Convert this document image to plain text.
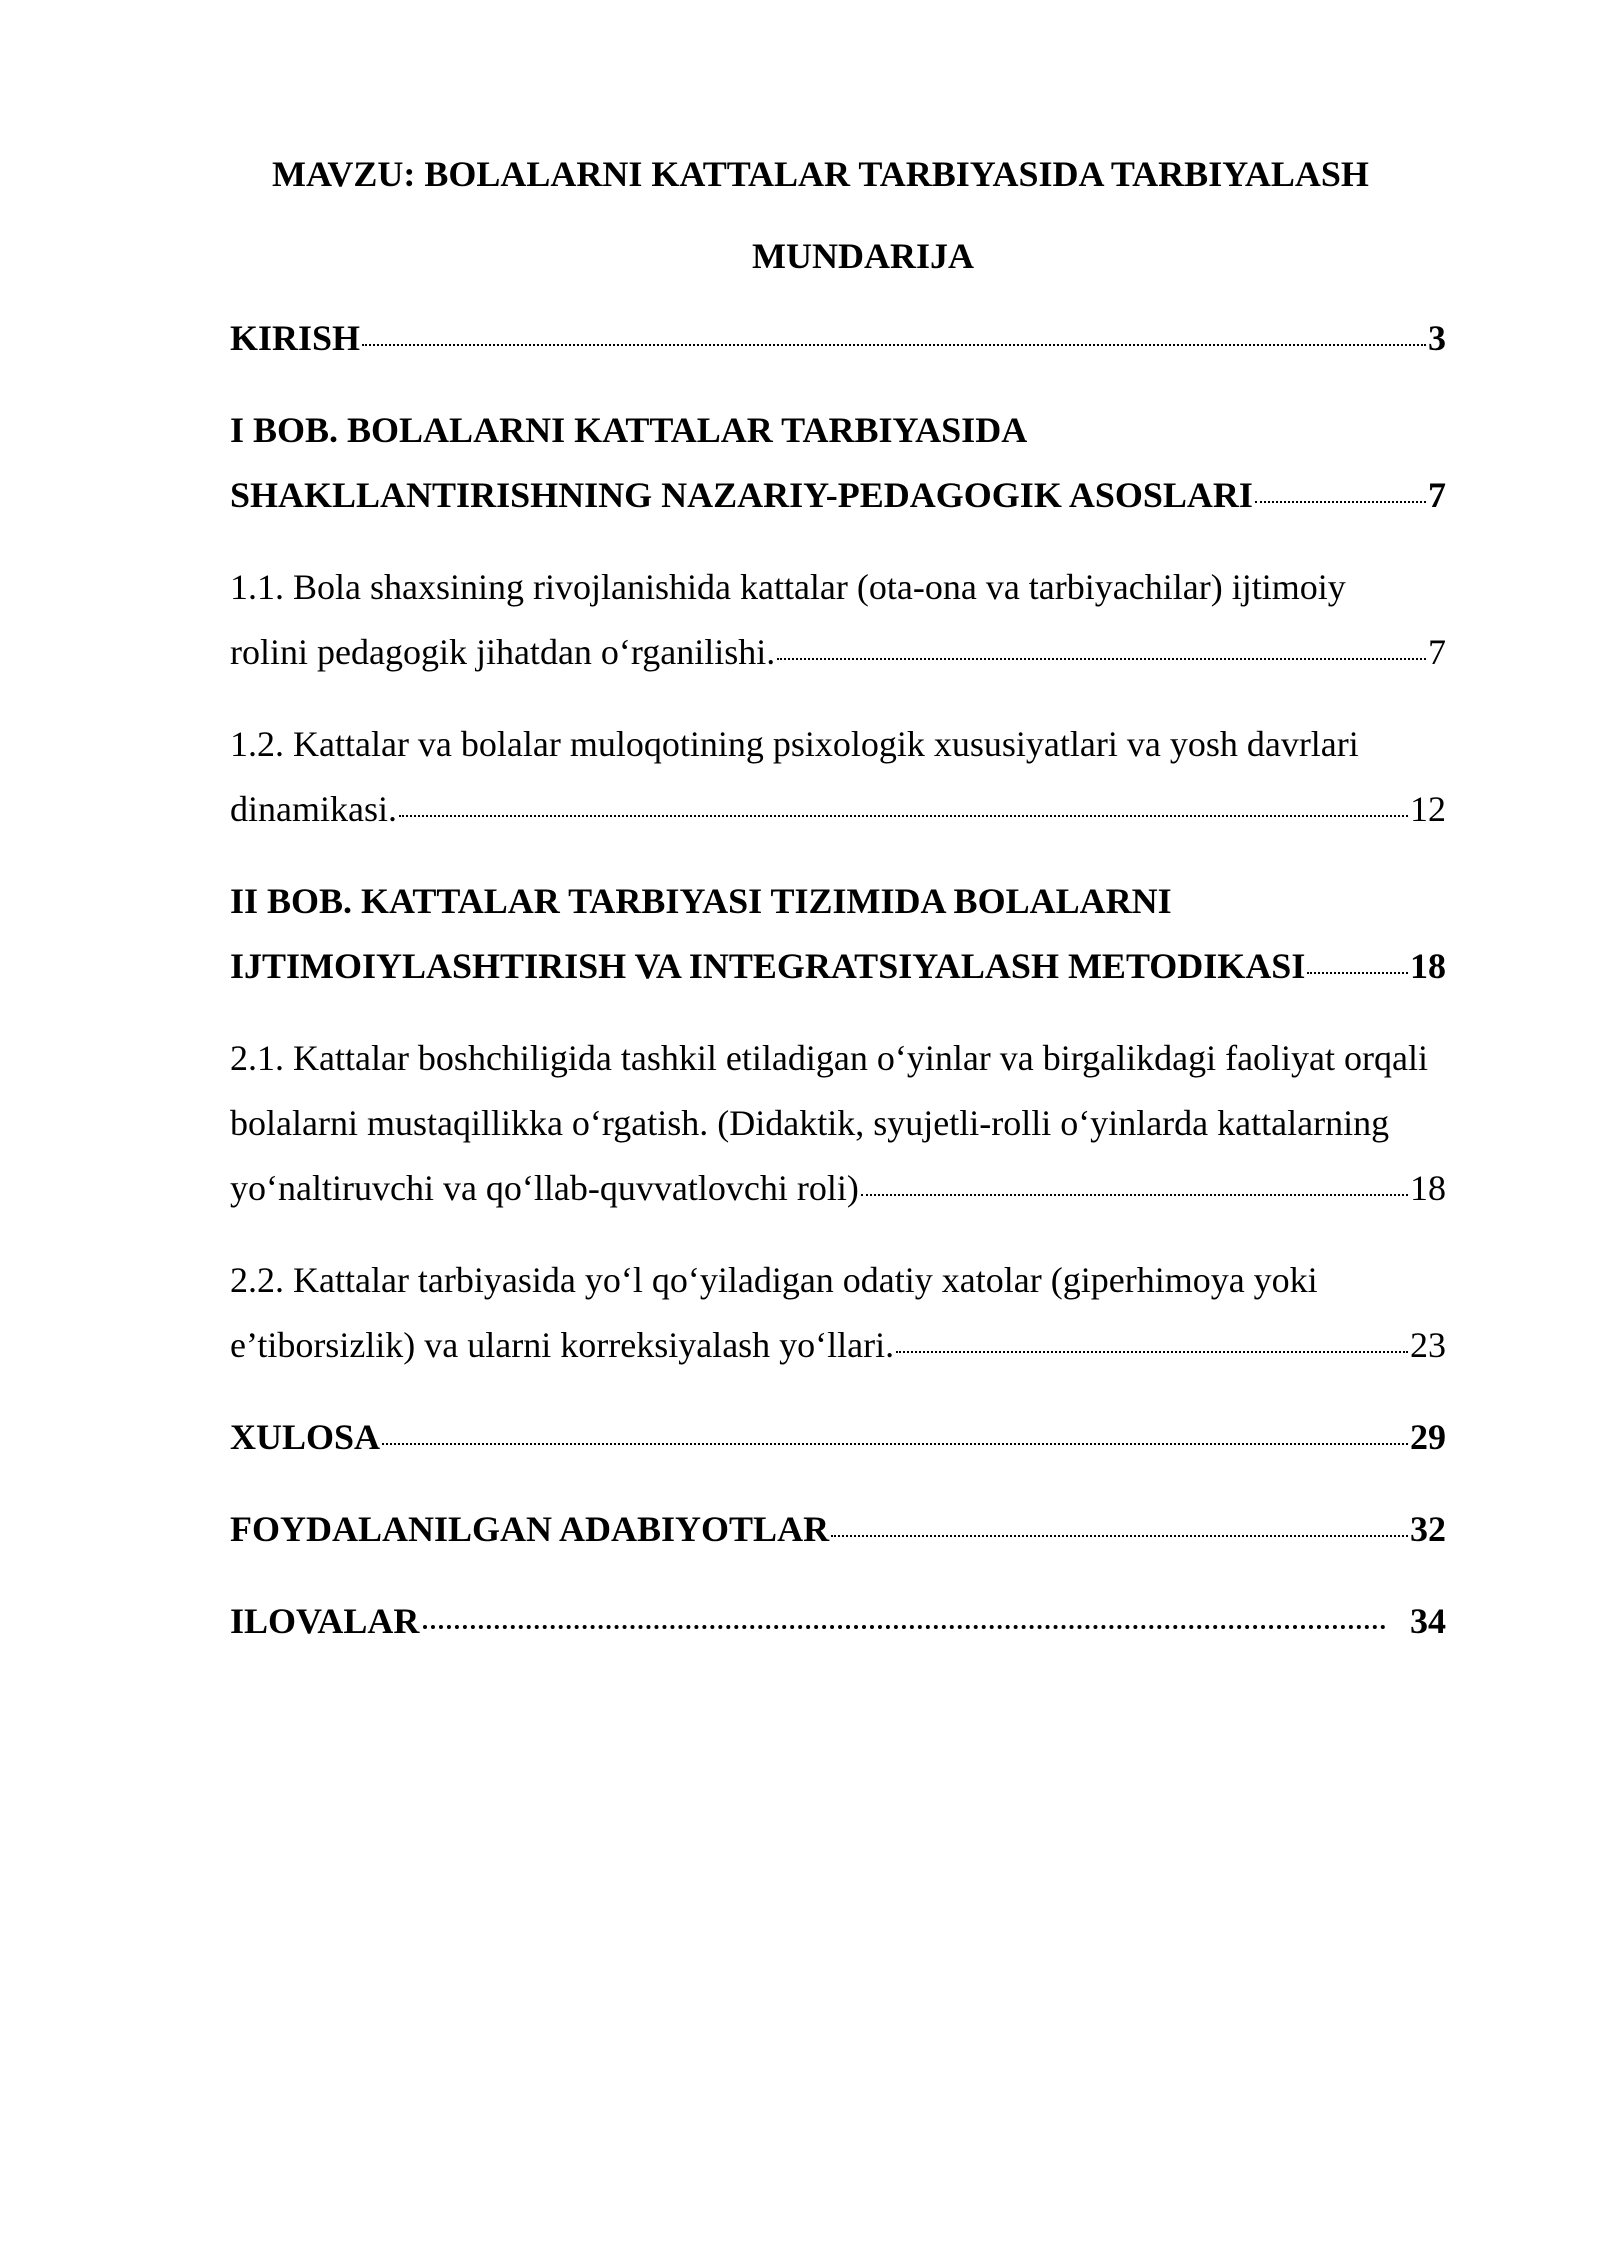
MAVZU: BOLALARNI KATTALAR TARBIYASIDA TARBIYALASH
MUNDARIJA
KIRISH	3
I BOB. BOLALARNI KATTALAR TARBIYASIDA
SHAKLLANTIRISHNING NAZARIY-PEDAGOGIK ASOSLARI	7
1.1. Bola shaxsining rivojlanishida kattalar (ota-ona va tarbiyachilar) ijtimoiy
rolini pedagogik jihatdan o‘rganilishi.	7
1.2. Kattalar va bolalar muloqotining psixologik xususiyatlari va yosh davrlari
dinamikasi.	12
II BOB. KATTALAR TARBIYASI TIZIMIDA BOLALARNI
IJTIMOIYLASHTIRISH VA INTEGRATSIYALASH METODIKASI	18
2.1. Kattalar boshchiligida tashkil etiladigan o‘yinlar va birgalikdagi faoliyat orqali
bolalarni mustaqillikka o‘rgatish. (Didaktik, syujetli-rolli o‘yinlarda kattalarning
yo‘naltiruvchi va qo‘llab-quvvatlovchi roli)	18
2.2. Kattalar tarbiyasida yo‘l qo‘yiladigan odatiy xatolar (giperhimoya yoki
e’tiborsizlik) va ularni korreksiyalash yo‘llari.	23
XULOSA	29
FOYDALANILGAN ADABIYOTLAR	32
ILOVALAR	34
